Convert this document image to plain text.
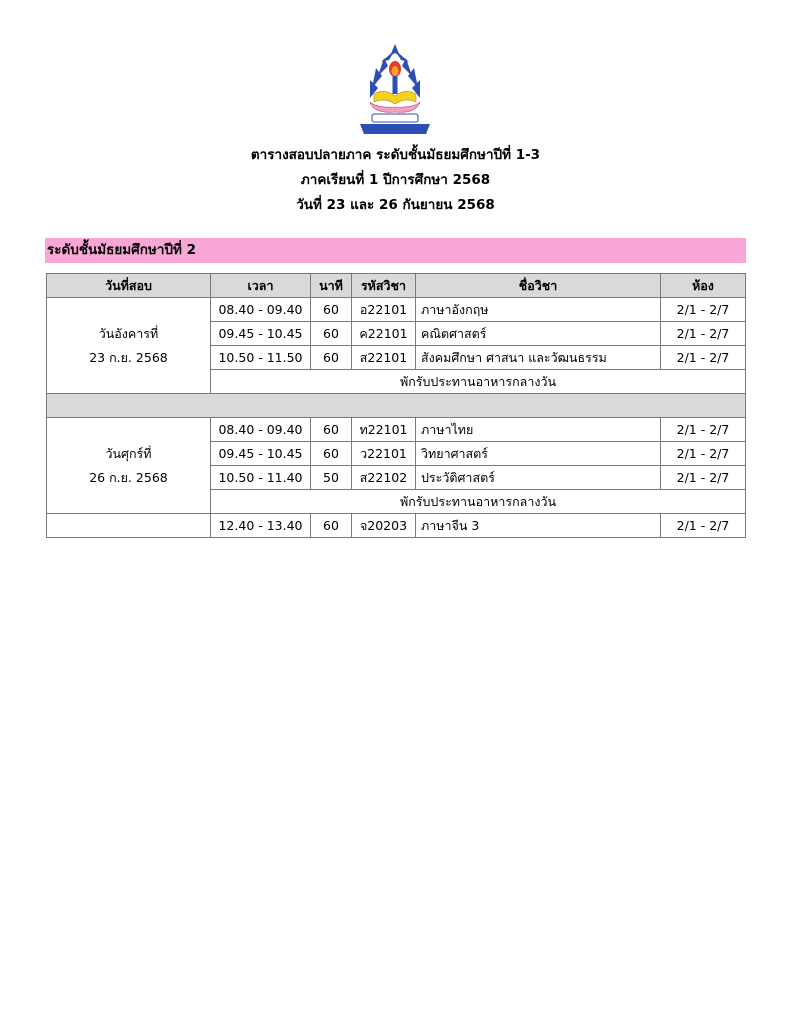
ตารางสอบปลายภาค ระดับชั้นมัธยมศึกษาปีที่ 1-3
ภาคเรียนที่ 1 ปีการศึกษา 2568
วันที่ 23 และ 26 กันยายน 2568
ระดับชั้นมัธยมศึกษาปีที่ 2
วันที่สอบ	เวลา	นาที	รหัสวิชา	ชื่อวิชา	ห้อง

วันอังคารที่
23 ก.ย. 2568	08.40 - 09.40	60	อ22101	ภาษาอังกฤษ	2/1 - 2/7
	09.45 - 10.45	60	ค22101	คณิตศาสตร์	2/1 - 2/7
	10.50 - 11.50	60	ส22101	สังคมศึกษา ศาสนา และวัฒนธรรม	2/1 - 2/7
	พักรับประทานอาหารกลางวัน				

วันศุกร์ที่
26 ก.ย. 2568	08.40 - 09.40	60	ท22101	ภาษาไทย	2/1 - 2/7
	09.45 - 10.45	60	ว22101	วิทยาศาสตร์	2/1 - 2/7
	10.50 - 11.40	50	ส22102	ประวัติศาสตร์	2/1 - 2/7
	พักรับประทานอาหารกลางวัน				
	12.40 - 13.40	60	จ20203	ภาษาจีน 3	2/1 - 2/7
